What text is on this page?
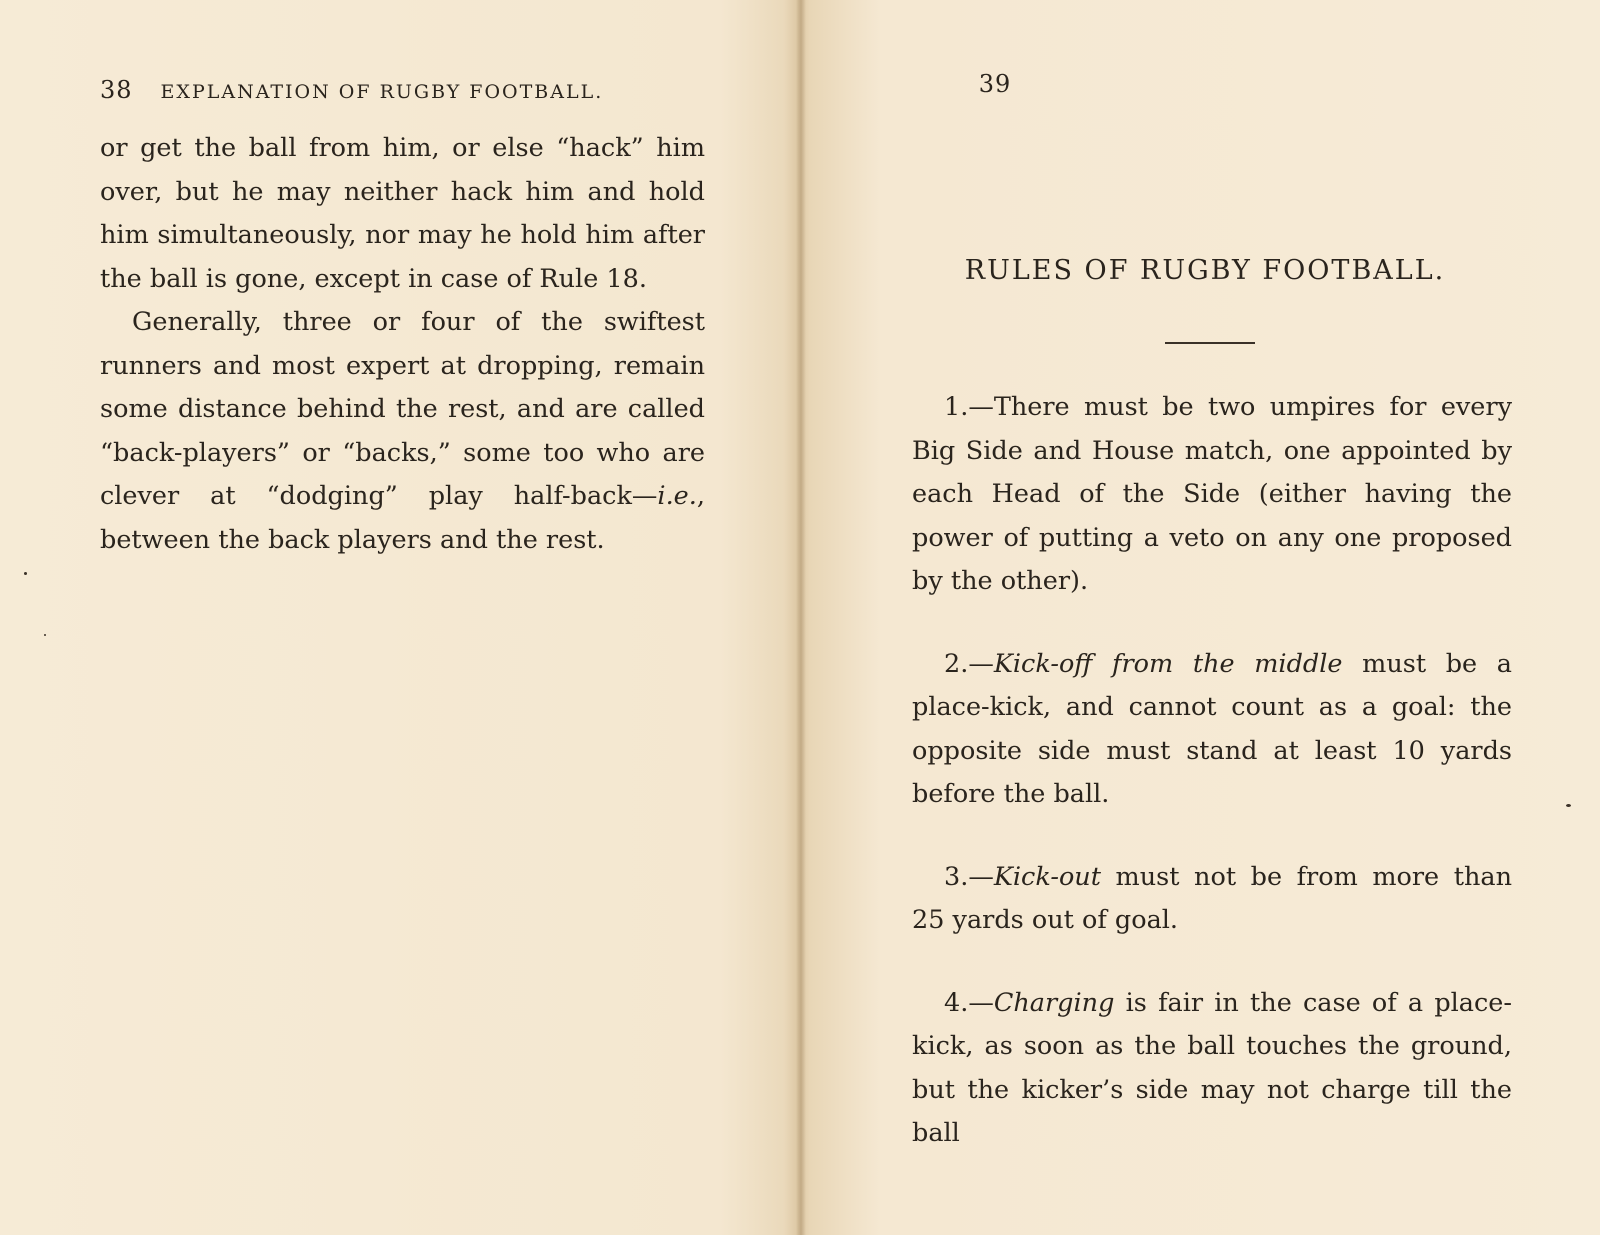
38 EXPLANATION OF RUGBY FOOTBALL.

or get the ball from him, or else “hack” him over, but he may neither hack him and hold him simultaneously, nor may he hold him after the ball is gone, except in case of Rule 18.

Generally, three or four of the swiftest runners and most expert at dropping, remain some distance behind the rest, and are called “back-players” or “backs,” some too who are clever at “dodging” play half-back—i.e., between the back players and the rest.

39
RULES OF RUGBY FOOTBALL.

1.—There must be two umpires for every Big Side and House match, one appointed by each Head of the Side (either having the power of putting a veto on any one proposed by the other).

2.—Kick-off from the middle must be a place-kick, and cannot count as a goal: the opposite side must stand at least 10 yards before the ball.

3.—Kick-out must not be from more than 25 yards out of goal.

4.—Charging is fair in the case of a place-kick, as soon as the ball touches the ground, but the kicker’s side may not charge till the ball
